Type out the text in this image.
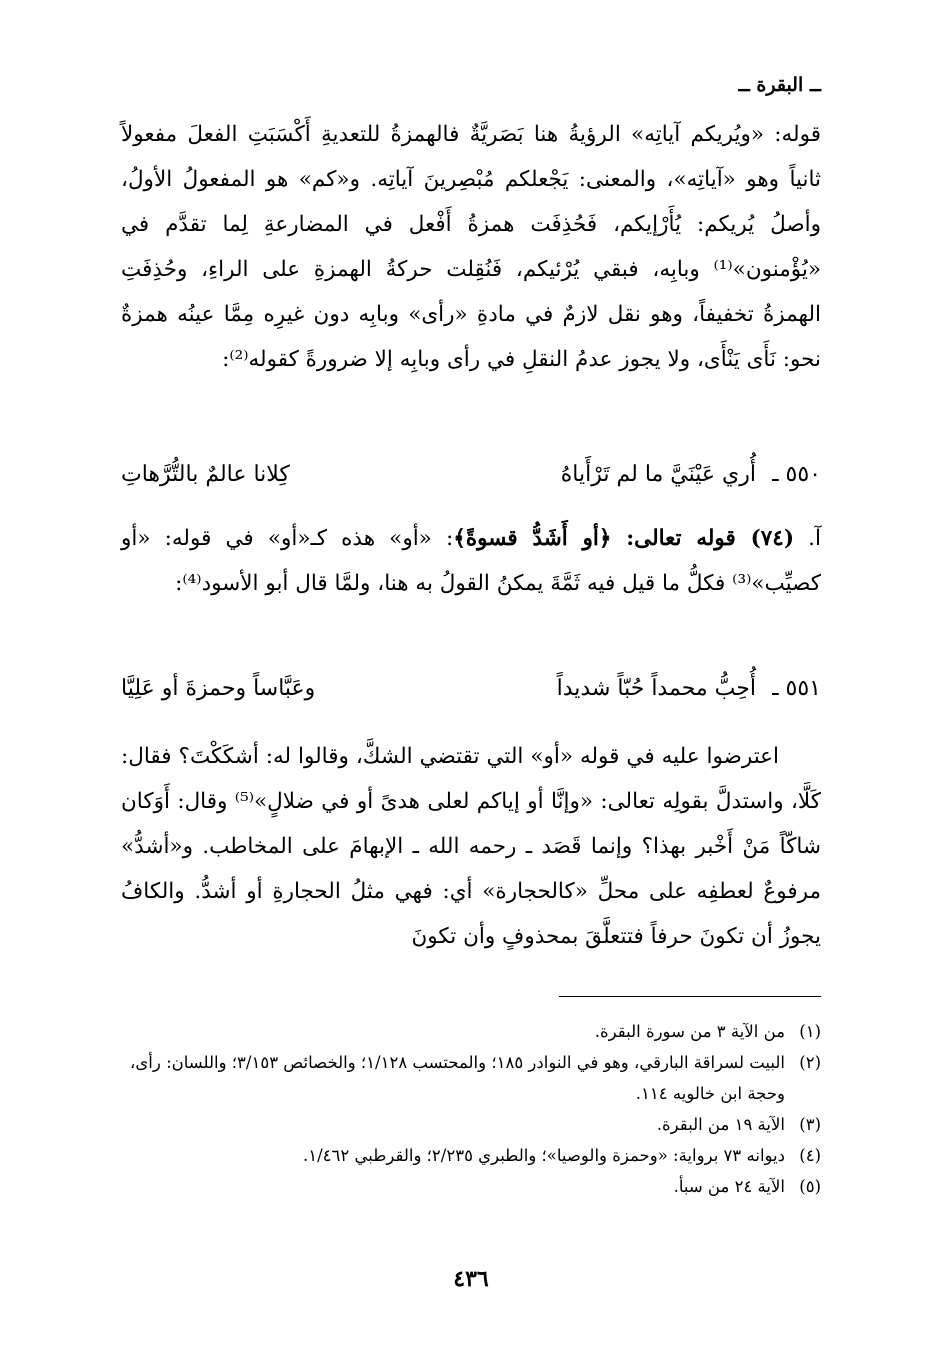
ــ البقرة ــ
قوله: «ويُريكم آياتِه» الرؤيةُ هنا بَصَريَّةٌ فالهمزةُ للتعديةِ أَكْسَبَتِ الفعلَ مفعولاً ثانياً وهو «آياتِه»، والمعنى: يَجْعلكم مُبْصِرينَ آياتِه. و«كم» هو المفعولُ الأولُ، وأصلُ يُريكم: يُأَرْإيكم، فَحُذِفَت همزةُ أَفْعل في المضارعةِ لِما تقدَّم في «يُؤْمنون»⁽¹⁾ وبابِه، فبقي يُرْئيكم، فَنُقِلت حركةُ الهمزةِ على الراءِ، وحُذِفَتِ الهمزةُ تخفيفاً، وهو نقل لازمٌ في مادةِ «رأى» وبابِه دون غيرِه مِمَّا عينُه همزةٌ نحو: نَأَى يَنْأَى، ولا يجوز عدمُ النقلِ في رأى وبابِه إلا ضرورةً كقوله⁽²⁾:
٥٥٠ ـ
أُري عَيْنَيَّ ما لم تَرْأَياهُ
كِلانا عالمٌ بالتُّرَّهاتِ
آ. (٧٤) قوله تعالى: ﴿أو أَشَدُّ قسوةً﴾: «أو» هذه كـ«أو» في قوله: «أو كصيِّب»⁽³⁾ فكلُّ ما قيل فيه ثَمَّةَ يمكنُ القولُ به هنا، ولمَّا قال أبو الأسود⁽⁴⁾:
٥٥١ ـ
أُحِبُّ محمداً حُبّاً شديداً
وعَبَّاساً وحمزةَ أو عَلِيَّا
اعترضوا عليه في قوله «أو» التي تقتضي الشكَّ، وقالوا له: أشكَكْتَ؟ فقال: كَلَّا، واستدلَّ بقولِه تعالى: «وإنَّا أو إياكم لعلى هدىً أو في ضلالٍ»⁽⁵⁾ وقال: أَوَكان شاكّاً مَنْ أَخْبر بهذا؟ وإنما قَصَد ـ رحمه الله ـ الإبهامَ على المخاطب. و«أشدُّ» مرفوعٌ لعطفِه على محلِّ «كالحجارة» أي: فهي مثلُ الحجارةِ أو أشدُّ. والكافُ يجوزُ أن تكونَ حرفاً فتتعلَّقَ بمحذوفٍ وأن تكونَ
(١)
من الآية ٣ من سورة البقرة.
(٢)
البيت لسراقة البارقي، وهو في النوادر ١٨٥؛ والمحتسب ١/١٢٨؛ والخصائص ٣/١٥٣؛ واللسان: رأى، وحجة ابن خالويه ١١٤.
(٣)
الآية ١٩ من البقرة.
(٤)
ديوانه ٧٣ برواية: «وحمزة والوصيا»؛ والطبري ٢/٢٣٥؛ والقرطبي ١/٤٦٢.
(٥)
الآية ٢٤ من سبأ.
٤٣٦
